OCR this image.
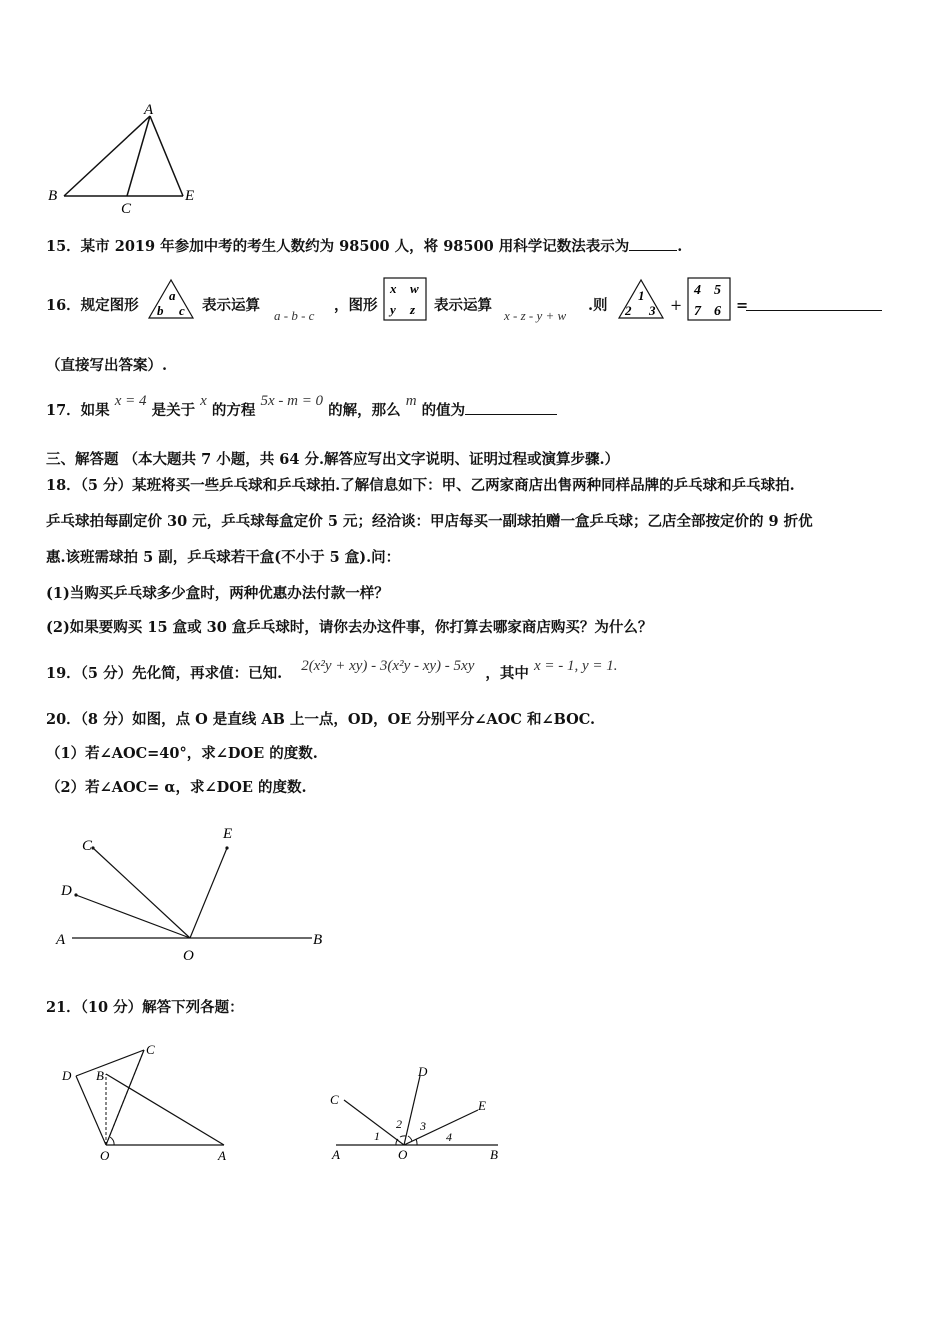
A
B
C
E
15．某市 2019 年参加中考的考生人数约为 98500 人，将 98500 用科学记数法表示为	.
16．规定图形
a
b c 表示运算
a - b - c
，图形
x w
y z 表示运算
x - z - y + w
.则
1
2 3 +
4 5
7 6 =
（直接写出答案）.
17．如果 x = 4 是关于 x 的方程 5x - m = 0 的解，那么 m 的值为
三、解答题 （本大题共 7 小题，共 64 分.解答应写出文字说明、证明过程或演算步骤.）
18．（5 分）某班将买一些乒乓球和乒乓球拍.了解信息如下：甲、乙两家商店出售两种同样品牌的乒乓球和乒乓球拍.
乒乓球拍每副定价 30 元，乒乓球每盒定价 5 元；经洽谈：甲店每买一副球拍赠一盒乒乓球；乙店全部按定价的 9 折优
惠.该班需球拍 5 副，乒乓球若干盒(不小于 5 盒).问：
(1)当购买乒乓球多少盒时，两种优惠办法付款一样？
(2)如果要购买 15 盒或 30 盒乒乓球时，请你去办这件事，你打算去哪家商店购买？为什么？
19．（5 分）先化简，再求值：已知. 2(x²y + xy) - 3(x²y - xy) - 5xy ，其中 x = - 1, y = 1.
20．（8 分）如图，点 O 是直线 AB 上一点，OD，OE 分别平分∠AOC 和∠BOC.
（1）若∠AOC=40°，求∠DOE 的度数.
（2）若∠AOC= α，求∠DOE 的度数.
C
D
E
A	B
O
21．（10 分）解答下列各题：
D B
C
O	A
C
D
E
1
2 3
4
A	O	B
